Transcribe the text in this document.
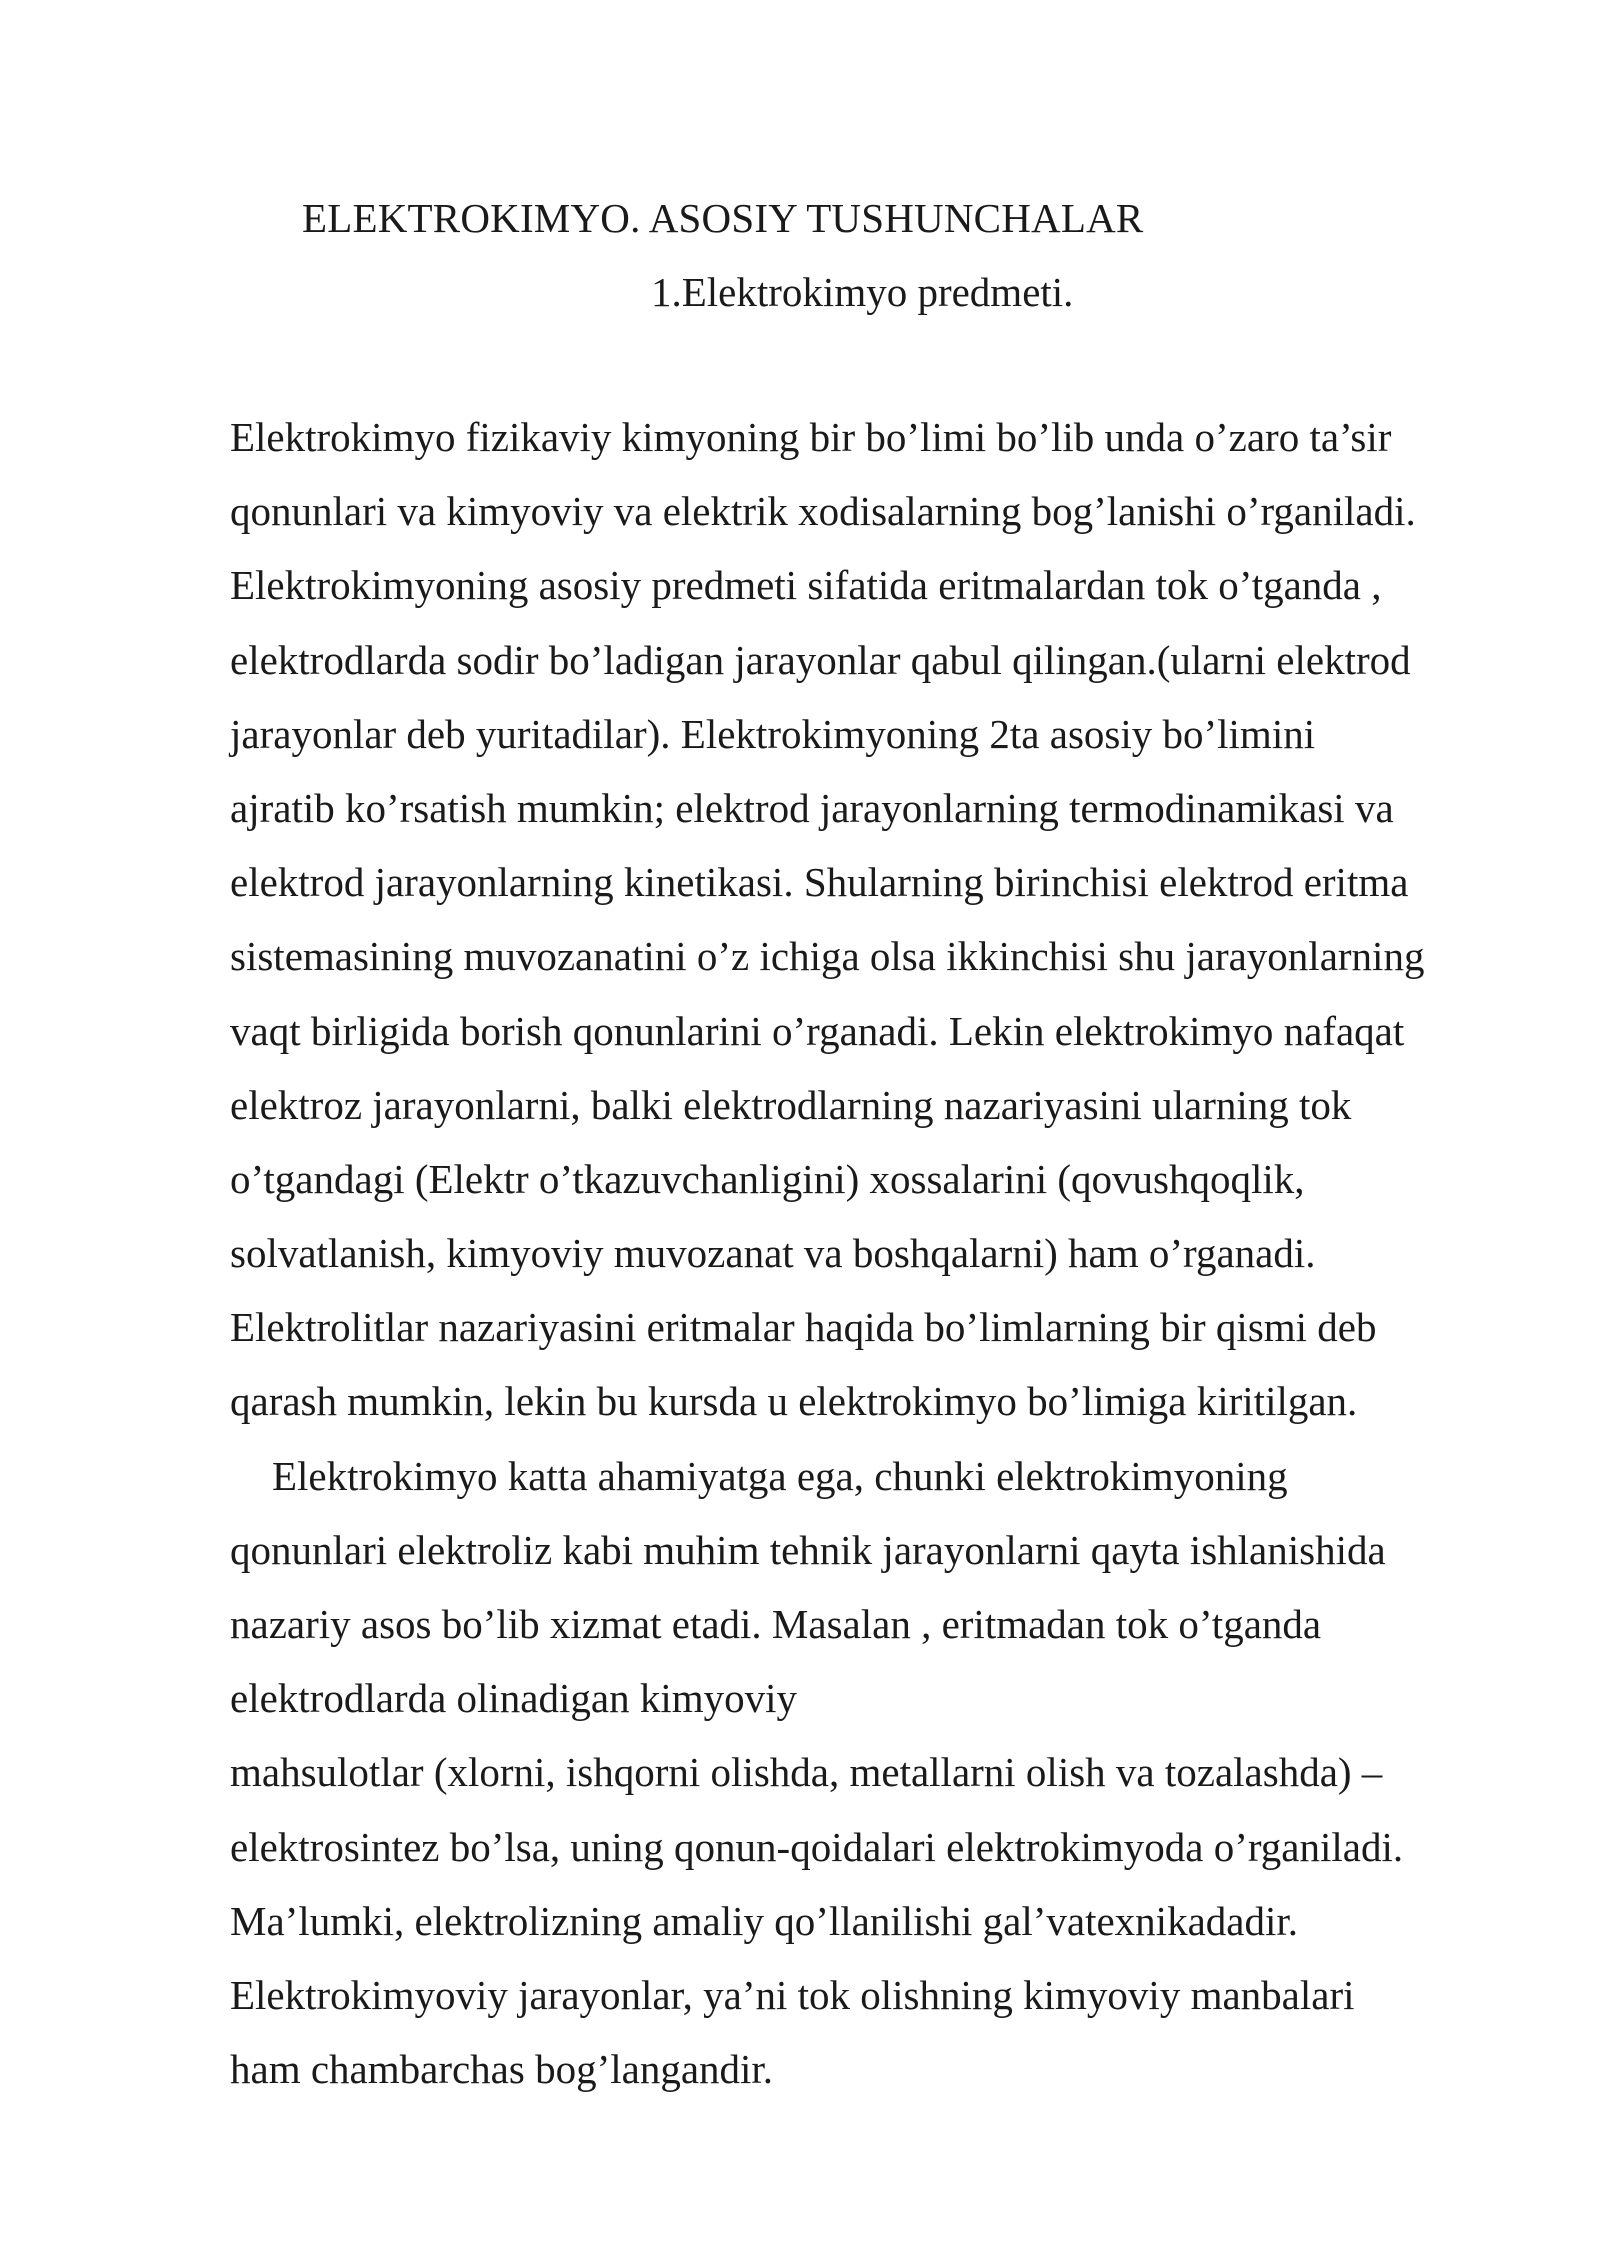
ELEKTROKIMYO. ASOSIY TUSHUNCHALAR
1.Elektrokimyo predmeti.
Elektrokimyo fizikaviy kimyoning bir bo’limi bo’lib unda o’zaro ta’sir
qonunlari va kimyoviy va elektrik xodisalarning bog’lanishi o’rganiladi.
Elektrokimyoning asosiy predmeti sifatida eritmalardan tok o’tganda ,
elektrodlarda sodir bo’ladigan jarayonlar qabul qilingan.(ularni elektrod
jarayonlar deb yuritadilar). Elektrokimyoning 2ta asosiy bo’limini
ajratib ko’rsatish mumkin; elektrod jarayonlarning termodinamikasi va
elektrod jarayonlarning kinetikasi. Shularning birinchisi elektrod eritma
sistemasining muvozanatini o’z ichiga olsa ikkinchisi shu jarayonlarning
vaqt birligida borish qonunlarini o’rganadi. Lekin elektrokimyo nafaqat
elektroz jarayonlarni, balki elektrodlarning nazariyasini ularning tok
o’tgandagi (Elektr o’tkazuvchanligini) xossalarini (qovushqoqlik,
solvatlanish, kimyoviy muvozanat va boshqalarni) ham o’rganadi.
Elektrolitlar nazariyasini eritmalar haqida bo’limlarning bir qismi deb
qarash mumkin, lekin bu kursda u elektrokimyo bo’limiga kiritilgan.
Elektrokimyo katta ahamiyatga ega, chunki elektrokimyoning
qonunlari elektroliz kabi muhim tehnik jarayonlarni qayta ishlanishida
nazariy asos bo’lib xizmat etadi. Masalan , eritmadan tok o’tganda
elektrodlarda olinadigan kimyoviy
mahsulotlar (xlorni, ishqorni olishda, metallarni olish va tozalashda) –
elektrosintez bo’lsa, uning qonun-qoidalari elektrokimyoda o’rganiladi.
Ma’lumki, elektrolizning amaliy qo’llanilishi gal’vatexnikadadir.
Elektrokimyoviy jarayonlar, ya’ni tok olishning kimyoviy manbalari
ham chambarchas bog’langandir.
